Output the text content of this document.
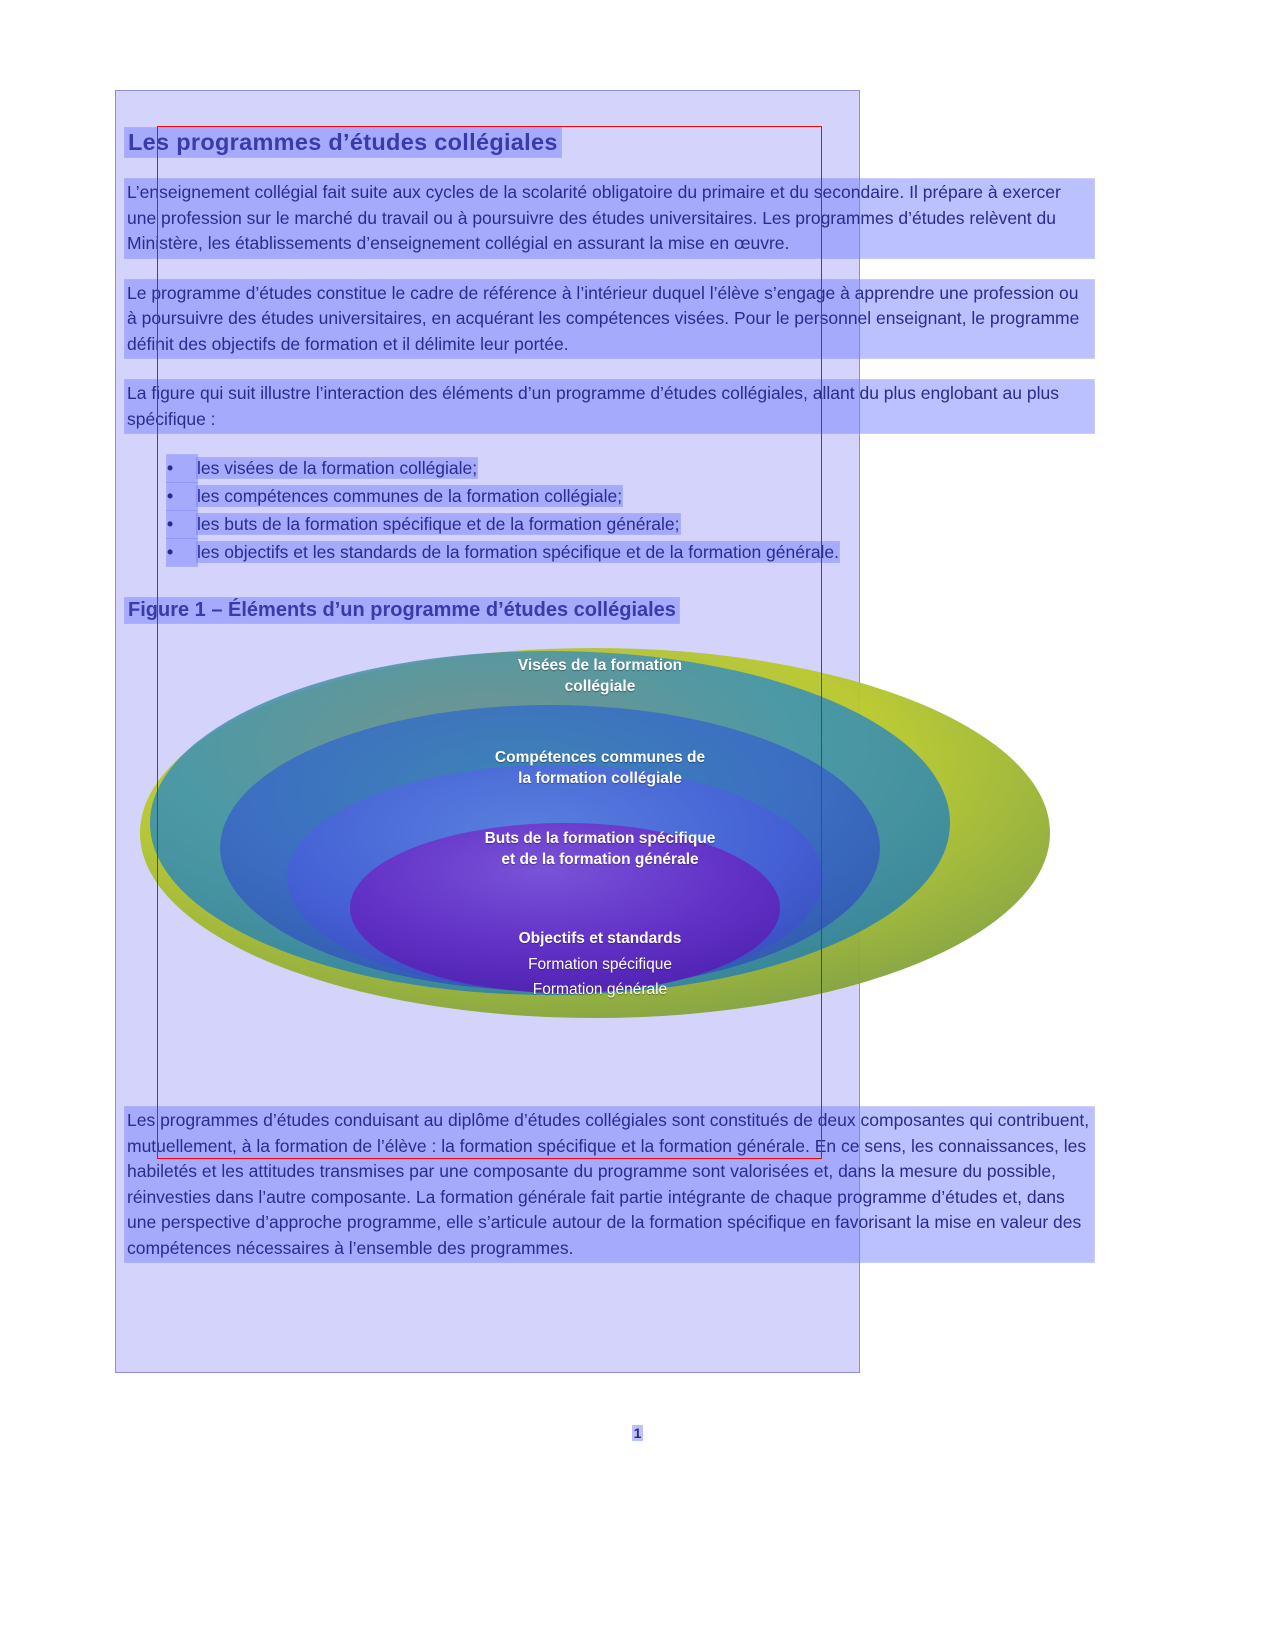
Les programmes d’études collégiales

L’enseignement collégial fait suite aux cycles de la scolarité obligatoire du primaire et du secondaire. Il prépare à exercer une profession sur le marché du travail ou à poursuivre des études universitaires. Les programmes d’études relèvent du Ministère, les établissements d’enseignement collégial en assurant la mise en œuvre.

Le programme d’études constitue le cadre de référence à l’intérieur duquel l’élève s’engage à apprendre une profession ou à poursuivre des études universitaires, en acquérant les compétences visées. Pour le personnel enseignant, le programme définit des objectifs de formation et il délimite leur portée.

La figure qui suit illustre l’interaction des éléments d’un programme d’études collégiales, allant du plus englobant au plus spécifique :

• les visées de la formation collégiale;
• les compétences communes de la formation collégiale;
• les buts de la formation spécifique et de la formation générale;
• les objectifs et les standards de la formation spécifique et de la formation générale.
Figure 1 – Éléments d’un programme d’études collégiales
Visées de la formation
collégiale
Compétences communes de
la formation collégiale
Buts de la formation spécifique
et de la formation générale
Objectifs et standards
Formation spécifique
Formation générale

Les programmes d’études conduisant au diplôme d’études collégiales sont constitués de deux composantes qui contribuent, mutuellement, à la formation de l’élève : la formation spécifique et la formation générale. En ce sens, les connaissances, les habiletés et les attitudes transmises par une composante du programme sont valorisées et, dans la mesure du possible, réinvesties dans l’autre composante. La formation générale fait partie intégrante de chaque programme d’études et, dans une perspective d’approche programme, elle s’articule autour de la formation spécifique en favorisant la mise en valeur des compétences nécessaires à l’ensemble des programmes.

1
